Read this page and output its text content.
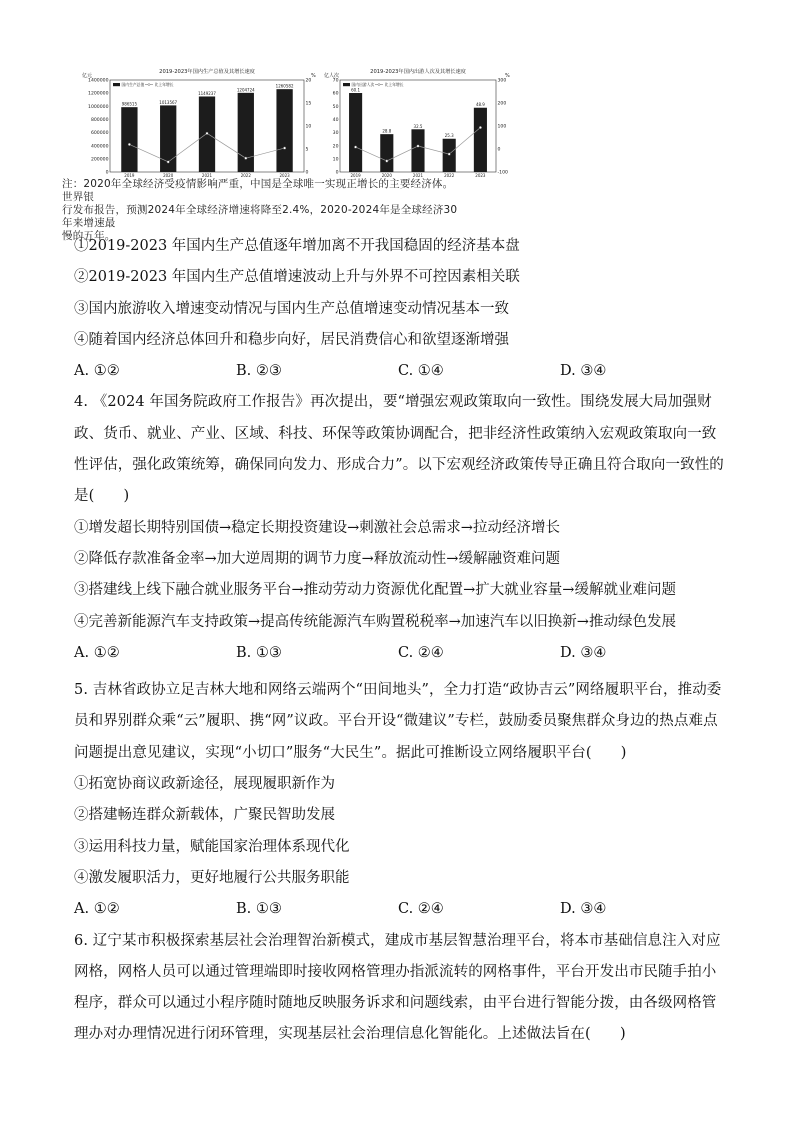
2019-2023年国内生产总值及其增长速度
亿元	%
1400000
1200000
1000000
800000
600000
400000
200000
0
20
15
10
5
0
国内生产总值	比上年增长
986515
2019
1013567
2020
1149237
2021
1204724
2022
1260582
2023
2019-2023年国内出游人次及其增长速度
亿人次	%
70
60
50
40
30
20
10
0
300
200
100
0
-100
国内出游人次	比上年增长
60.1
2019
28.8
2020
32.5
2021
25.3
2022
48.9
2023
注：2020年全球经济受疫情影响严重，中国是全球唯一实现正增长的主要经济体。世界银
行发布报告，预测2024年全球经济增速将降至2.4%，2020-2024年是全球经济30年来增速最
慢的五年。
①2019-2023 年国内生产总值逐年增加离不开我国稳固的经济基本盘
②2019-2023 年国内生产总值增速波动上升与外界不可控因素相关联
③国内旅游收入增速变动情况与国内生产总值增速变动情况基本一致
④随着国内经济总体回升和稳步向好，居民消费信心和欲望逐渐增强
A. ①②	B. ②③	C. ①④	D. ③④
4. 《2024 年国务院政府工作报告》再次提出，要“增强宏观政策取向一致性。围绕发展大局加强财政、货币、就业、产业、区域、科技、环保等政策协调配合，把非经济性政策纳入宏观政策取向一致性评估，强化政策统筹，确保同向发力、形成合力”。以下宏观经济政策传导正确且符合取向一致性的是(　　)
①增发超长期特别国债→稳定长期投资建设→刺激社会总需求→拉动经济增长
②降低存款准备金率→加大逆周期的调节力度→释放流动性→缓解融资难问题
③搭建线上线下融合就业服务平台→推动劳动力资源优化配置→扩大就业容量→缓解就业难问题
④完善新能源汽车支持政策→提高传统能源汽车购置税税率→加速汽车以旧换新→推动绿色发展
A. ①②	B. ①③	C. ②④	D. ③④
5. 吉林省政协立足吉林大地和网络云端两个“田间地头”，全力打造“政协吉云”网络履职平台，推动委员和界别群众乘“云”履职、携“网”议政。平台开设“微建议”专栏，鼓励委员聚焦群众身边的热点难点问题提出意见建议，实现“小切口”服务“大民生”。据此可推断设立网络履职平台(　　)
①拓宽协商议政新途径，展现履职新作为
②搭建畅连群众新载体，广聚民智助发展
③运用科技力量，赋能国家治理体系现代化
④激发履职活力，更好地履行公共服务职能
A. ①②	B. ①③	C. ②④	D. ③④
6. 辽宁某市积极探索基层社会治理智治新模式，建成市基层智慧治理平台，将本市基础信息注入对应网格，网格人员可以通过管理端即时接收网格管理办指派流转的网格事件，平台开发出市民随手拍小程序，群众可以通过小程序随时随地反映服务诉求和问题线索，由平台进行智能分拨，由各级网格管理办对办理情况进行闭环管理，实现基层社会治理信息化智能化。上述做法旨在(　　)
